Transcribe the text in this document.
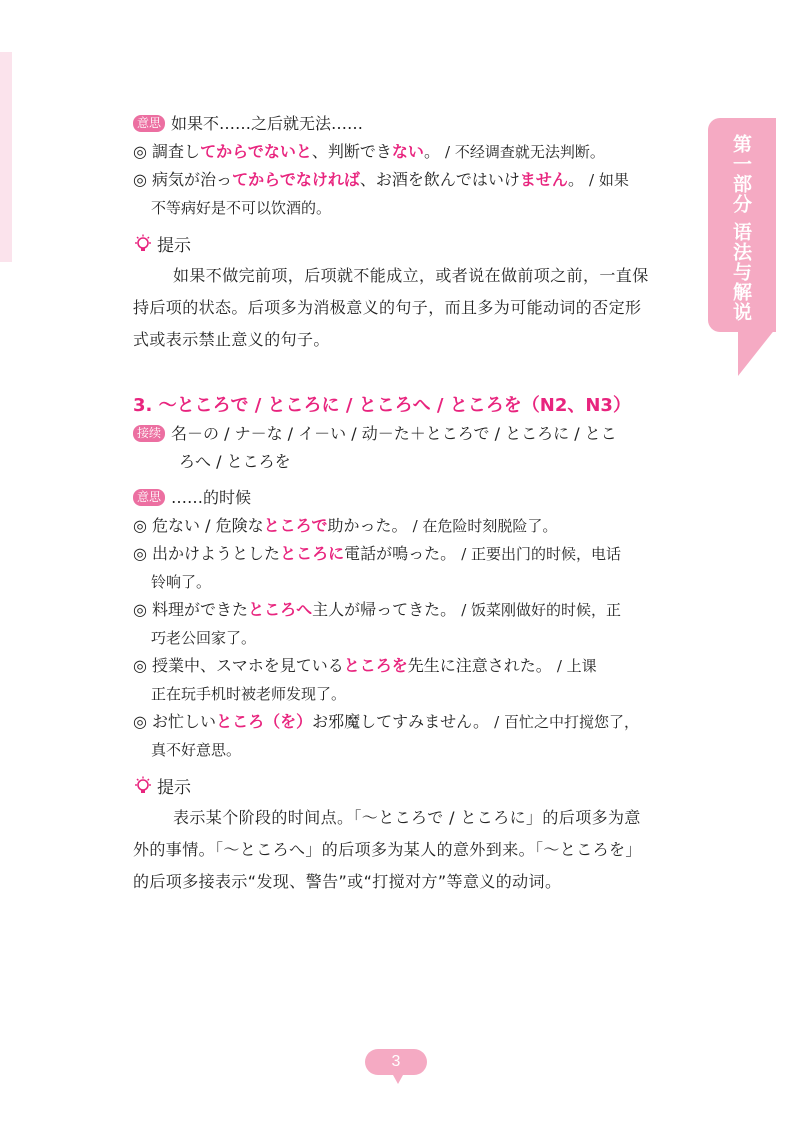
第一部分 语法与解说
意思 如果不……之后就无法……
◎ 調査してからでないと、判断できない。 / 不经调查就无法判断。
◎ 病気が治ってからでなければ、お酒を飲んではいけません。 / 如果
不等病好是不可以饮酒的。
提示
如果不做完前项，后项就不能成立，或者说在做前项之前，一直保
持后项的状态。后项多为消极意义的句子，而且多为可能动词的否定形
式或表示禁止意义的句子。
3. ～ところで / ところに / ところへ / ところを（N2、N3）
接续 名－の / ナ－な / イ－い / 动－た＋ところで / ところに / とこ
ろへ / ところを
意思 ……的时候
◎ 危ない / 危険なところで助かった。 / 在危险时刻脱险了。
◎ 出かけようとしたところに電話が鳴った。 / 正要出门的时候，电话
铃响了。
◎ 料理ができたところへ主人が帰ってきた。 / 饭菜刚做好的时候，正
巧老公回家了。
◎ 授業中、スマホを見ているところを先生に注意された。 / 上课
正在玩手机时被老师发现了。
◎ お忙しいところ（を）お邪魔してすみません。 / 百忙之中打搅您了，
真不好意思。
提示
表示某个阶段的时间点。「～ところで / ところに」的后项多为意
外的事情。「～ところへ」的后项多为某人的意外到来。「～ところを」
的后项多接表示“发现、警告”或“打搅对方”等意义的动词。
3
